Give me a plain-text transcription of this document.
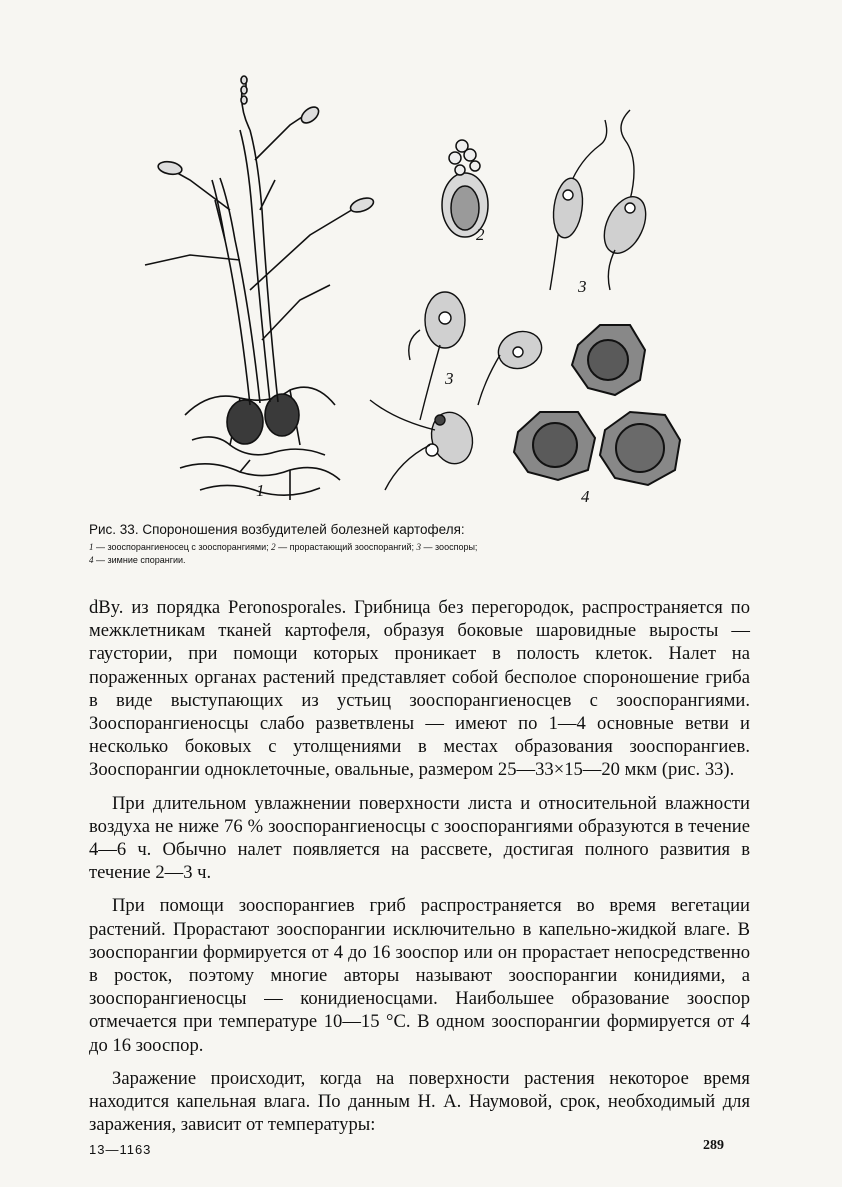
1
2
3
3
4
Рис. 33. Спороношения возбудителей болезней картофеля:
1 — зооспорангиеносец с зооспорангиями; 2 — прорастающий зооспорангий; 3 — зооспоры;
4 — зимние спорангии.

dBy. из порядка Peronosporales. Грибница без перегородок, распространяется по межклетникам тканей картофеля, образуя боковые шаровидные выросты — гаустории, при помощи которых проникает в полость клеток. Налет на пораженных органах растений представляет собой бесполое спороношение гриба в виде выступающих из устьиц зооспорангиеносцев с зооспорангиями. Зооспорангиеносцы слабо разветвлены — имеют по 1—4 основные ветви и несколько боковых с утолщениями в местах образования зооспорангиев. Зооспорангии одноклеточные, овальные, размером 25—33×15—20 мкм (рис. 33).

При длительном увлажнении поверхности листа и относительной влажности воздуха не ниже 76 % зооспорангиеносцы с зооспорангиями образуются в течение 4—6 ч. Обычно налет появляется на рассвете, достигая полного развития в течение 2—3 ч.

При помощи зооспорангиев гриб распространяется во время вегетации растений. Прорастают зооспорангии исключительно в капельно-жидкой влаге. В зооспорангии формируется от 4 до 16 зооспор или он прорастает непосредственно в росток, поэтому многие авторы называют зооспорангии конидиями, а зооспорангиеносцы — конидиеносцами. Наибольшее образование зооспор отмечается при температуре 10—15 °С. В одном зооспорангии формируется от 4 до 16 зооспор.

Заражение происходит, когда на поверхности растения некоторое время находится капельная влага. По данным Н. А. Наумовой, срок, необходимый для заражения, зависит от температуры:

13—1163	289
